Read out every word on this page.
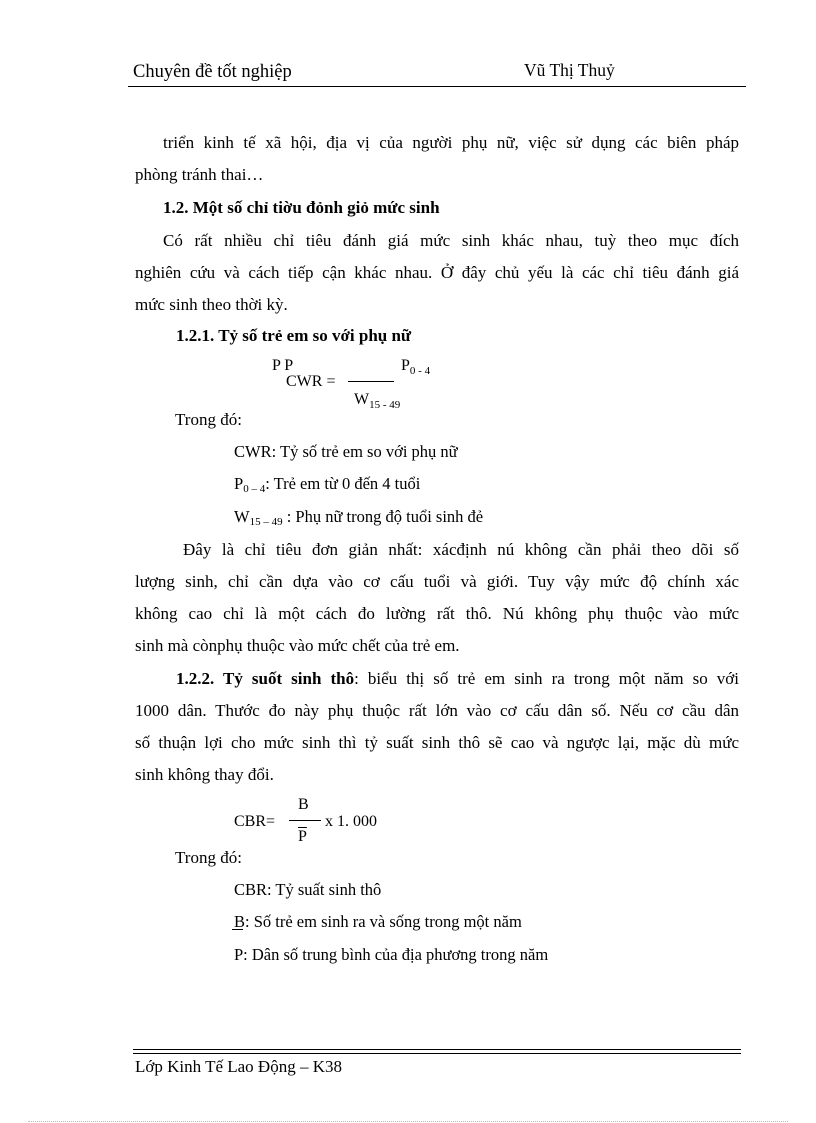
Chuyên đề tốt nghiệp	Vũ Thị Thuỷ
triển kinh tế xã hội, địa vị của người phụ nữ, việc sử dụng các biên pháp
phòng tránh thai…
1.2. Một số chỉ tiờu đỏnh giỏ mức sinh
Có rất nhiều chỉ tiêu đánh giá mức sinh khác nhau, tuỳ theo mục đích
nghiên cứu và cách tiếp cận khác nhau. Ở đây chủ yếu là các chỉ tiêu đánh giá
mức sinh theo thời kỳ.
1.2.1. Tỷ số trẻ em so với phụ nữ
P P
CWR =
$P_{0 - 4}$
$W_{15 - 49}$
Trong đó:
CWR: Tỷ số trẻ em so với phụ nữ
P0 – 4: Trẻ em từ 0 đến 4 tuổi
W15 – 49 : Phụ nữ trong độ tuổi sinh đẻ
Đây là chỉ tiêu đơn giản nhất: xácđịnh nú không cần phải theo dõi số
lượng sinh, chỉ cần dựa vào cơ cấu tuổi và giới. Tuy vậy mức độ chính xác
không cao chỉ là một cách đo lường rất thô. Nú không phụ thuộc vào mức
sinh mà cònphụ thuộc vào mức chết của trẻ em.
1.2.2. Tỷ suốt sinh thô: biểu thị số trẻ em sinh ra trong một năm so với
1000 dân. Thước đo này phụ thuộc rất lớn vào cơ cấu dân số. Nếu cơ cầu dân
số thuận lợi cho mức sinh thì tỷ suất sinh thô sẽ cao và ngược lại, mặc dù mức
sinh không thay đổi.
CBR=
B
$\overline{P}$
x 1. 000
Trong đó:
CBR: Tỷ suất sinh thô
B: Số trẻ em sinh ra và sống trong một năm
P: Dân số trung bình của địa phương trong năm
Lớp Kinh Tế Lao Động – K38
